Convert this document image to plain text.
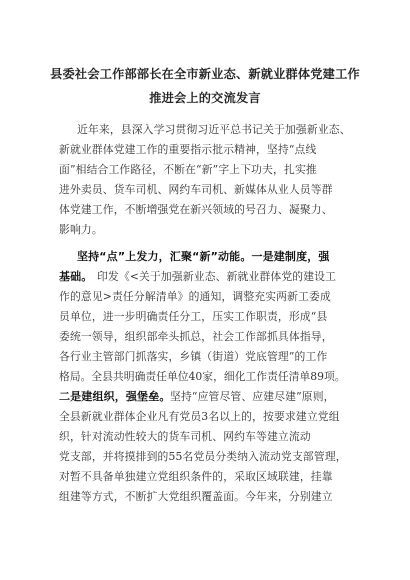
县委社会工作部部长在全市新业态、新就业群体党建工作
推进会上的交流发言
近年来，县深入学习贯彻习近平总书记关于加强新业态、
新就业群体党建工作的重要指示批示精神，坚持“点线
面”相结合工作路径，不断在“新”字上下功夫，扎实推
进外卖员、货车司机、网约车司机、新媒体从业人员等群
体党建工作，不断增强党在新兴领域的号召力、凝聚力、
影响力。
坚持“点”上发力，汇聚“新”动能。一是建制度，强
基础。 印发《<关于加强新业态、新就业群体党的建设工
作的意见>责任分解清单》的通知，调整充实两新工委成
员单位，进一步明确责任分工，压实工作职责，形成“县
委统一领导，组织部牵头抓总，社会工作部抓具体指导，
各行业主管部门抓落实，乡镇（街道）党底管理”的工作
格局。全县共明确责任单位40家，细化工作责任清单89项。
二是建组织，强堡垒。 坚持“应管尽管、应建尽建”原则，
全县新就业群体企业凡有党员3名以上的，按要求建立党组
织，针对流动性较大的货车司机、网约车等建立流动
党支部，并将摸排到的55名党员分类纳入流动党支部管理，
对暂不具备单独建立党组织条件的，采取区域联建，挂靠
组建等方式，不断扩大党组织覆盖面。今年来，分别建立
